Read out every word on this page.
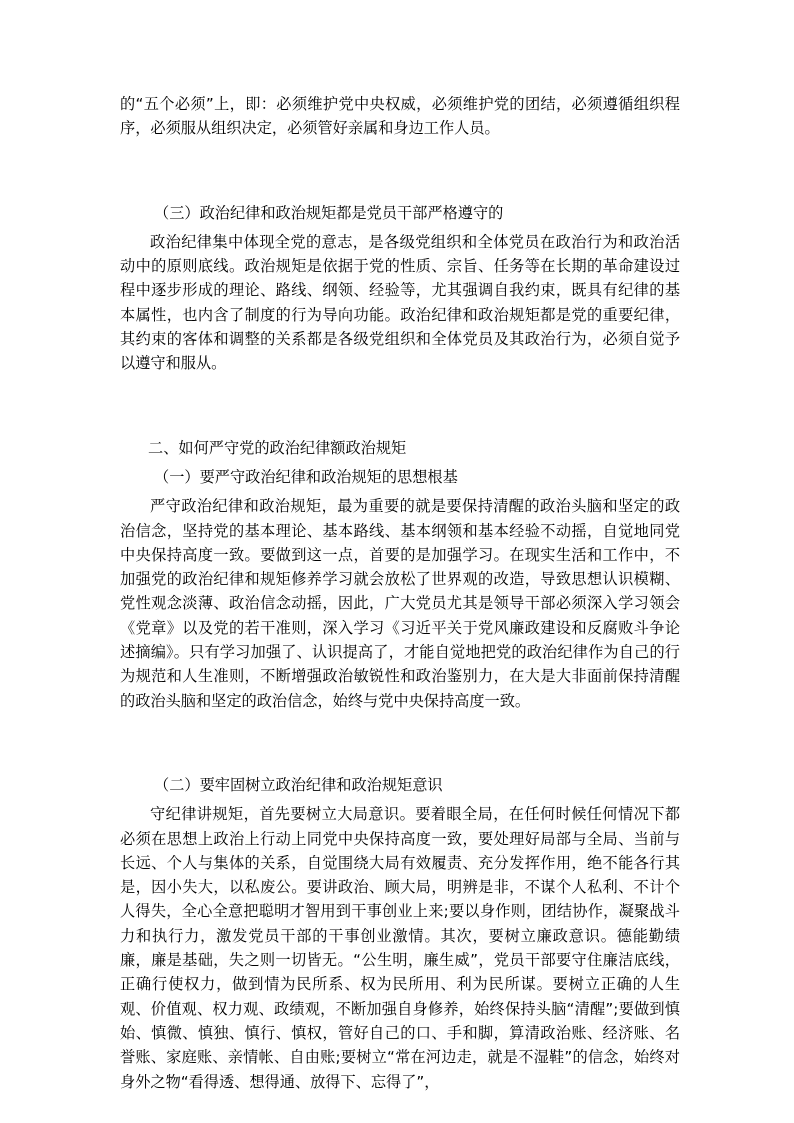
的“五个必须”上，即：必须维护党中央权威，必须维护党的团结，必须遵循组织程序，必须服从组织决定，必须管好亲属和身边工作人员。

（三）政治纪律和政治规矩都是党员干部严格遵守的

政治纪律集中体现全党的意志，是各级党组织和全体党员在政治行为和政治活动中的原则底线。政治规矩是依据于党的性质、宗旨、任务等在长期的革命建设过程中逐步形成的理论、路线、纲领、经验等，尤其强调自我约束，既具有纪律的基本属性，也内含了制度的行为导向功能。政治纪律和政治规矩都是党的重要纪律，其约束的客体和调整的关系都是各级党组织和全体党员及其政治行为，必须自觉予以遵守和服从。

二、如何严守党的政治纪律额政治规矩

（一）要严守政治纪律和政治规矩的思想根基

严守政治纪律和政治规矩，最为重要的就是要保持清醒的政治头脑和坚定的政治信念，坚持党的基本理论、基本路线、基本纲领和基本经验不动摇，自觉地同党中央保持高度一致。要做到这一点，首要的是加强学习。在现实生活和工作中，不加强党的政治纪律和规矩修养学习就会放松了世界观的改造，导致思想认识模糊、党性观念淡薄、政治信念动摇，因此，广大党员尤其是领导干部必须深入学习领会《党章》以及党的若干准则，深入学习《习近平关于党风廉政建设和反腐败斗争论述摘编》。只有学习加强了、认识提高了，才能自觉地把党的政治纪律作为自己的行为规范和人生准则，不断增强政治敏锐性和政治鉴别力，在大是大非面前保持清醒的政治头脑和坚定的政治信念，始终与党中央保持高度一致。

（二）要牢固树立政治纪律和政治规矩意识

守纪律讲规矩，首先要树立大局意识。要着眼全局，在任何时候任何情况下都必须在思想上政治上行动上同党中央保持高度一致，要处理好局部与全局、当前与长远、个人与集体的关系，自觉围绕大局有效履责、充分发挥作用，绝不能各行其是，因小失大，以私废公。要讲政治、顾大局，明辨是非，不谋个人私利、不计个人得失，全心全意把聪明才智用到干事创业上来;要以身作则，团结协作，凝聚战斗力和执行力，激发党员干部的干事创业激情。其次，要树立廉政意识。德能勤绩廉，廉是基础，失之则一切皆无。“公生明，廉生威”，党员干部要守住廉洁底线，正确行使权力，做到情为民所系、权为民所用、利为民所谋。要树立正确的人生观、价值观、权力观、政绩观，不断加强自身修养，始终保持头脑“清醒”;要做到慎始、慎微、慎独、慎行、慎权，管好自己的口、手和脚，算清政治账、经济账、名誉账、家庭账、亲情帐、自由账;要树立“常在河边走，就是不湿鞋”的信念，始终对身外之物“看得透、想得通、放得下、忘得了”，
